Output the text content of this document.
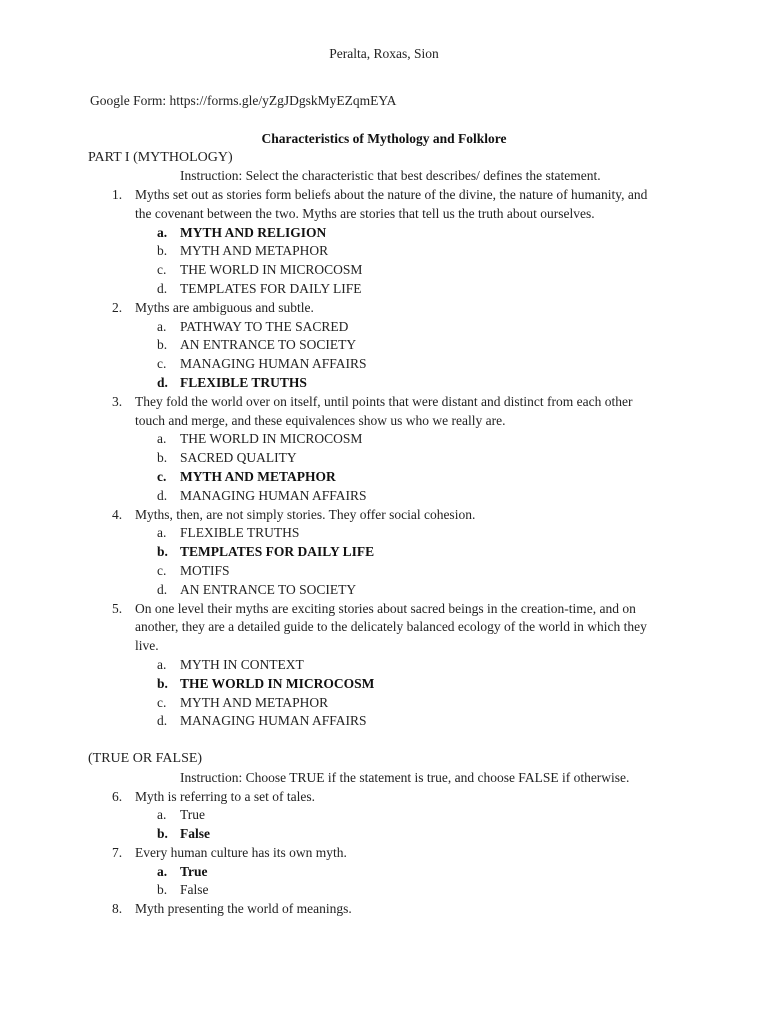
Peralta, Roxas, Sion
Google Form: https://forms.gle/yZgJDgskMyEZqmEYA
Characteristics of Mythology and Folklore
PART I (MYTHOLOGY)
Instruction: Select the characteristic that best describes/ defines the statement.
1. Myths set out as stories form beliefs about the nature of the divine, the nature of humanity, and
the covenant between the two. Myths are stories that tell us the truth about ourselves.
a. MYTH AND RELIGION
b. MYTH AND METAPHOR
c. THE WORLD IN MICROCOSM
d. TEMPLATES FOR DAILY LIFE
2. Myths are ambiguous and subtle.
a. PATHWAY TO THE SACRED
b. AN ENTRANCE TO SOCIETY
c. MANAGING HUMAN AFFAIRS
d. FLEXIBLE TRUTHS
3. They fold the world over on itself, until points that were distant and distinct from each other
touch and merge, and these equivalences show us who we really are.
a. THE WORLD IN MICROCOSM
b. SACRED QUALITY
c. MYTH AND METAPHOR
d. MANAGING HUMAN AFFAIRS
4. Myths, then, are not simply stories. They offer social cohesion.
a. FLEXIBLE TRUTHS
b. TEMPLATES FOR DAILY LIFE
c. MOTIFS
d. AN ENTRANCE TO SOCIETY
5. On one level their myths are exciting stories about sacred beings in the creation-time, and on
another, they are a detailed guide to the delicately balanced ecology of the world in which they
live.
a. MYTH IN CONTEXT
b. THE WORLD IN MICROCOSM
c. MYTH AND METAPHOR
d. MANAGING HUMAN AFFAIRS
(TRUE OR FALSE)
Instruction: Choose TRUE if the statement is true, and choose FALSE if otherwise.
6. Myth is referring to a set of tales.
a. True
b. False
7. Every human culture has its own myth.
a. True
b. False
8. Myth presenting the world of meanings.
